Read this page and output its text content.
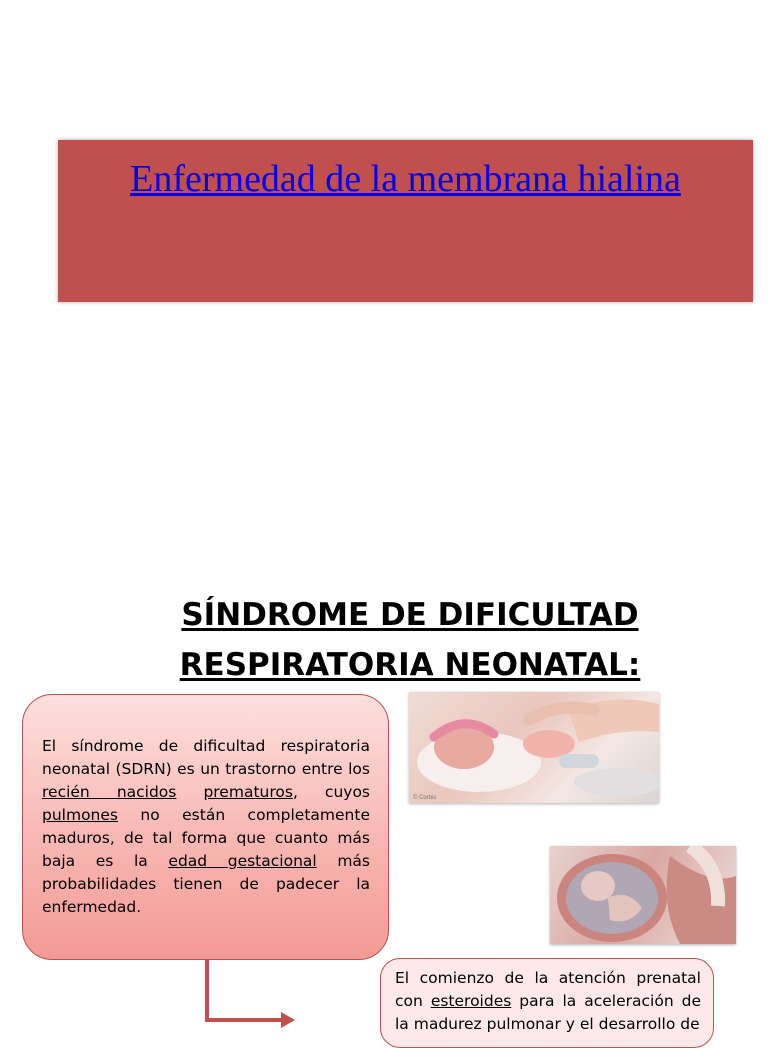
Enfermedad de la membrana hialina
SÍNDROME DE DIFICULTAD
RESPIRATORIA NEONATAL:

El síndrome de dificultad respiratoria neonatal (SDRN) es un trastorno entre los recién nacidos prematuros, cuyos pulmones no están completamente maduros, de tal forma que cuanto más baja es la edad gestacional más probabilidades tienen de padecer la enfermedad.

© Corbis

El comienzo de la atención prenatal con esteroides para la aceleración de la madurez pulmonar y el desarrollo de
